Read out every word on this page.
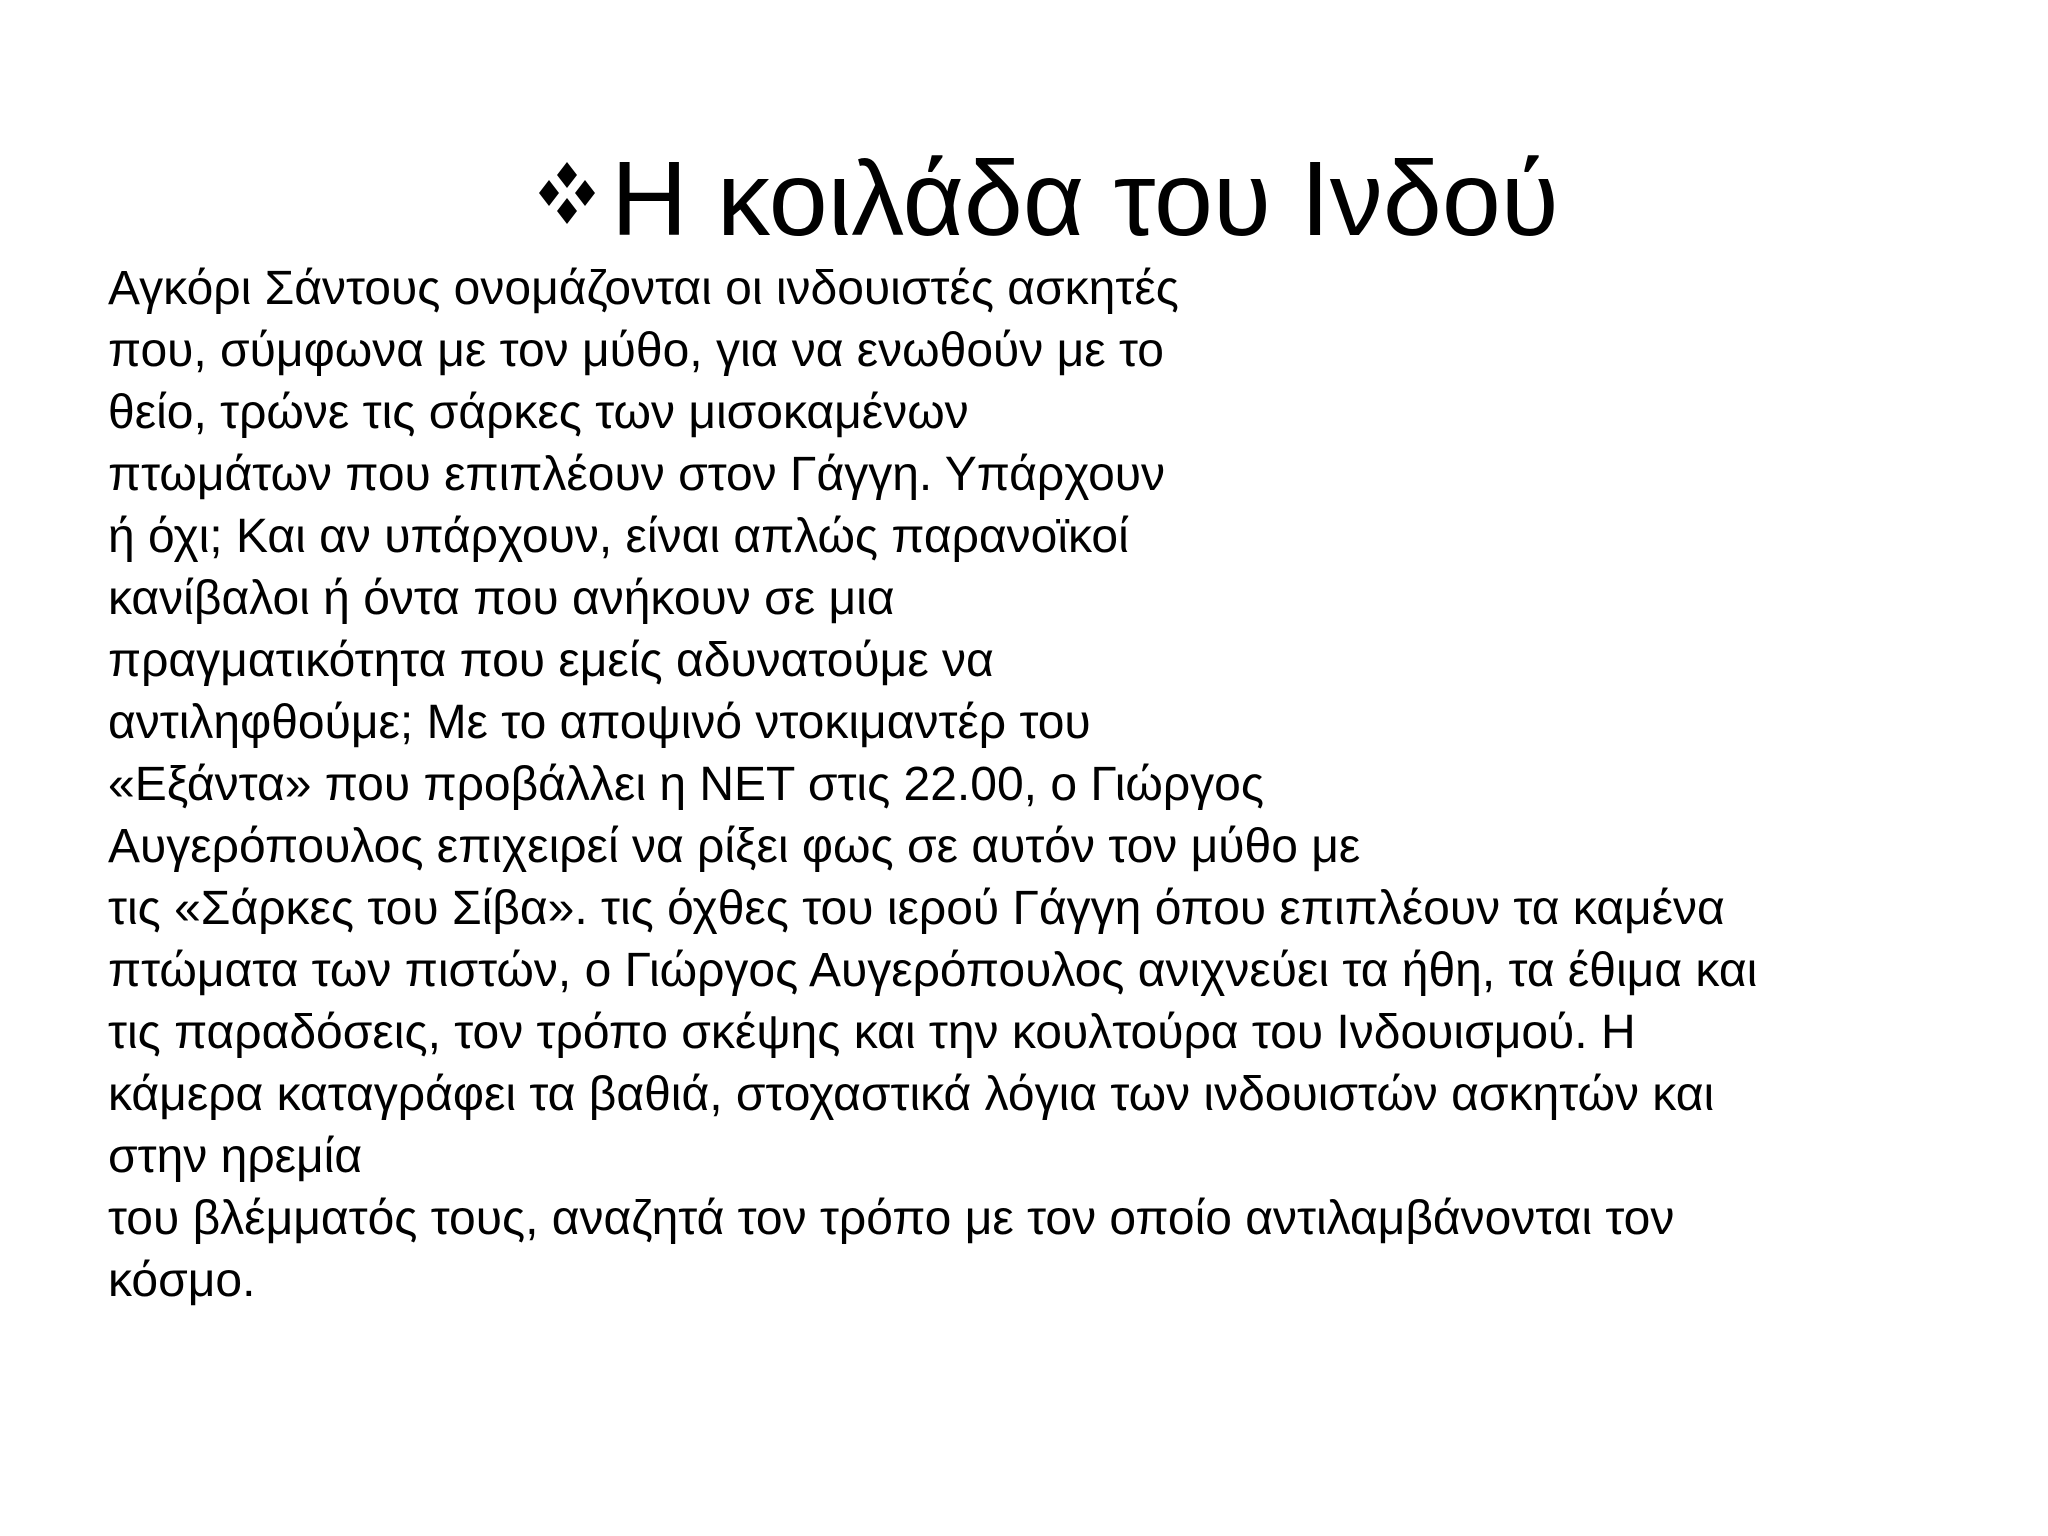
Η κοιλάδα του Ινδού
Αγκόρι Σάντους ονομάζονται οι ινδουιστές ασκητές
που, σύμφωνα με τον μύθο, για να ενωθούν με το
θείο, τρώνε τις σάρκες των μισοκαμένων
πτωμάτων που επιπλέουν στον Γάγγη. Υπάρχουν
ή όχι; Και αν υπάρχουν, είναι απλώς παρανοϊκοί
κανίβαλοι ή όντα που ανήκουν σε μια
πραγματικότητα που εμείς αδυνατούμε να
αντιληφθούμε; Με το αποψινό ντοκιμαντέρ του
«Εξάντα» που προβάλλει η ΝΕΤ στις 22.00, ο Γιώργος
Αυγερόπουλος επιχειρεί να ρίξει φως σε αυτόν τον μύθο με
τις «Σάρκες του Σίβα». τις όχθες του ιερού Γάγγη όπου επιπλέουν τα καμένα
πτώματα των πιστών, ο Γιώργος Αυγερόπουλος ανιχνεύει τα ήθη, τα έθιμα και
τις παραδόσεις, τον τρόπο σκέψης και την κουλτούρα του Ινδουισμού. Η
κάμερα καταγράφει τα βαθιά, στοχαστικά λόγια των ινδουιστών ασκητών και
στην ηρεμία
του βλέμματός τους, αναζητά τον τρόπο με τον οποίο αντιλαμβάνονται τον
κόσμο.
